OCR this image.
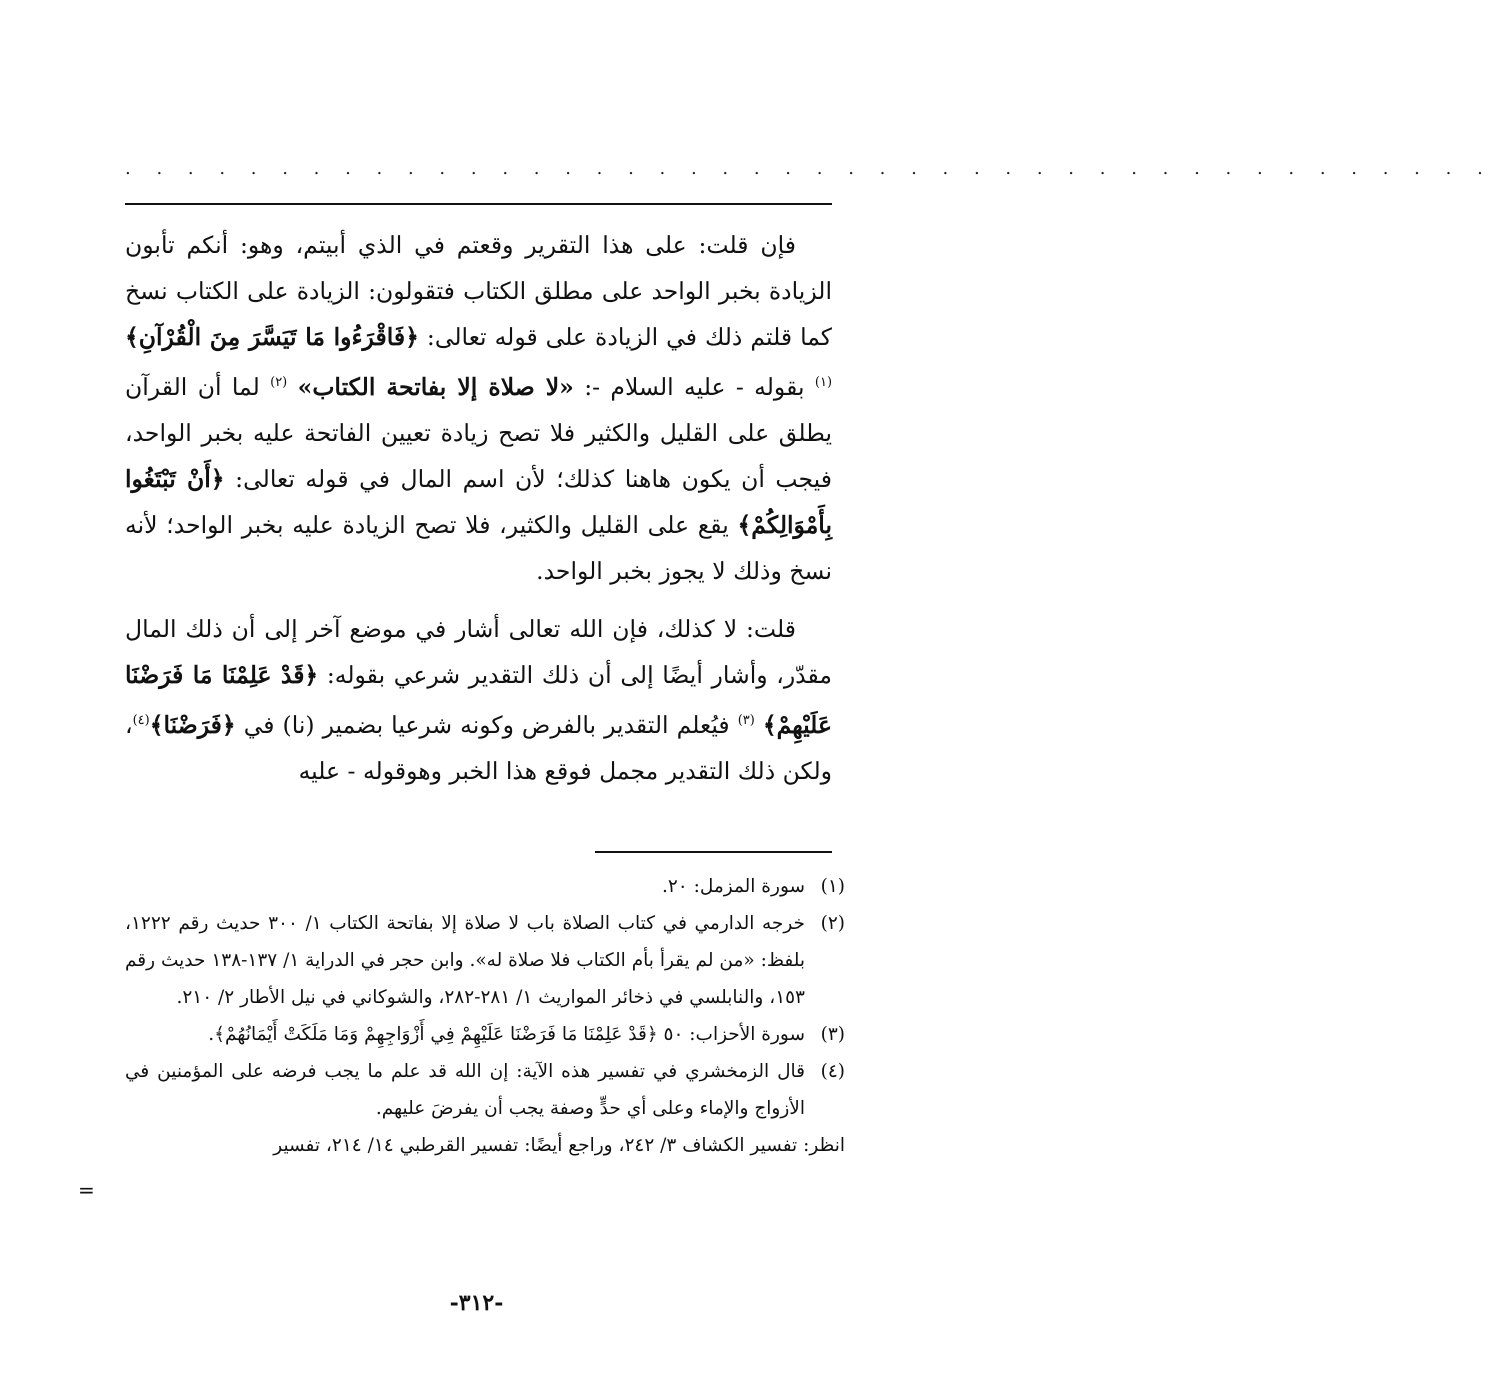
. . . . . . . . . . . . . . . . . . . . . . . . . . . . . . . . . . . . . . . . . . . .

فإن قلت: على هذا التقرير وقعتم في الذي أبيتم، وهو: أنكم تأبون الزيادة بخبر الواحد على مطلق الكتاب فتقولون: الزيادة على الكتاب نسخ كما قلتم ذلك في الزيادة على قوله تعالى: ﴿فَاقْرَءُوا مَا تَيَسَّرَ مِنَ الْقُرْآنِ﴾ $^{(١)}$ بقوله - عليه السلام -: «لا صلاة إلا بفاتحة الكتاب» $^{(٢)}$ لما أن القرآن يطلق على القليل والكثير فلا تصح زيادة تعيين الفاتحة عليه بخبر الواحد، فيجب أن يكون هاهنا كذلك؛ لأن اسم المال في قوله تعالى: ﴿أَنْ تَبْتَغُوا بِأَمْوَالِكُمْ﴾ يقع على القليل والكثير، فلا تصح الزيادة عليه بخبر الواحد؛ لأنه نسخ وذلك لا يجوز بخبر الواحد.

قلت: لا كذلك، فإن الله تعالى أشار في موضع آخر إلى أن ذلك المال مقدّر، وأشار أيضًا إلى أن ذلك التقدير شرعي بقوله: ﴿قَدْ عَلِمْنَا مَا فَرَضْنَا عَلَيْهِمْ﴾ $^{(٣)}$ فيُعلم التقدير بالفرض وكونه شرعيا بضمير (نا) في ﴿فَرَضْنَا﴾$^{(٤)}$، ولكن ذلك التقدير مجمل فوقع هذا الخبر وهوقوله - عليه

(١)
سورة المزمل: ٢٠.
(٢)
خرجه الدارمي في كتاب الصلاة باب لا صلاة إلا بفاتحة الكتاب ١/ ٣٠٠ حديث رقم ١٢٢٢، بلفظ: «من لم يقرأ بأم الكتاب فلا صلاة له». وابن حجر في الدراية ١/ ١٣٧-١٣٨ حديث رقم ١٥٣، والنابلسي في ذخائر المواريث ١/ ٢٨١-٢٨٢، والشوكاني في نيل الأطار ٢/ ٢١٠.
(٣)
سورة الأحزاب: ٥٠ ﴿قَدْ عَلِمْنَا مَا فَرَضْنَا عَلَيْهِمْ فِي أَزْوَاجِهِمْ وَمَا مَلَكَتْ أَيْمَانُهُمْ﴾.
(٤)
قال الزمخشري في تفسير هذه الآية: إن الله قد علم ما يجب فرضه على المؤمنين في الأزواج والإماء وعلى أي حدٍّ وصفة يجب أن يفرضَ عليهم.
انظر: تفسير الكشاف ٣/ ٢٤٢، وراجع أيضًا: تفسير القرطبي ١٤/ ٢١٤، تفسير
=
-٣١٢-
